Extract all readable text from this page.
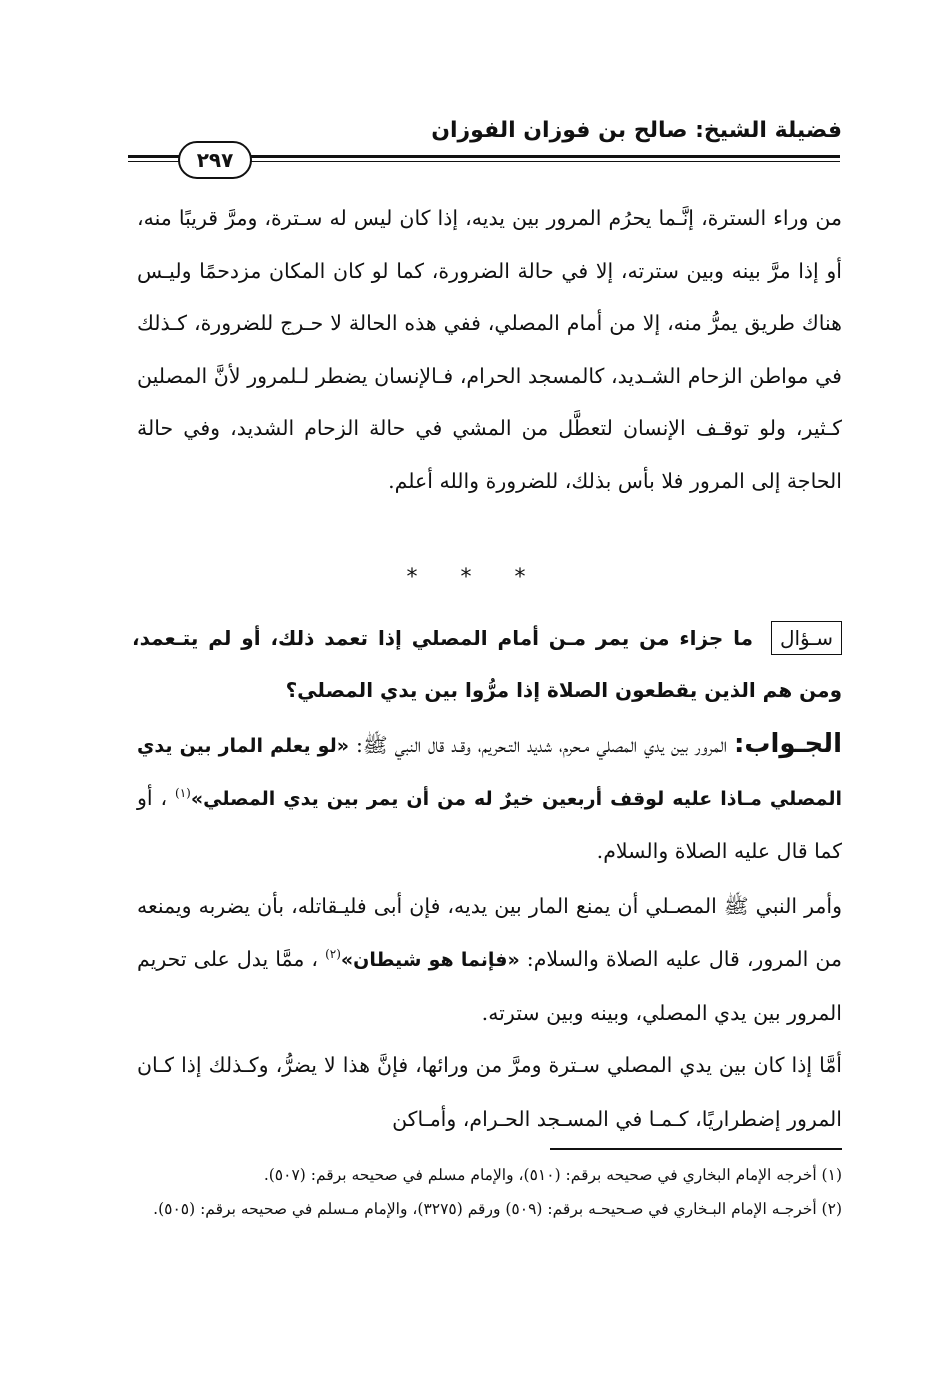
فضيلة الشيخ: صالح بن فوزان الفوزان
٢٩٧
من وراء السترة، إنَّـما يحرُم المرور بين يديه، إذا كان ليس له سـترة، ومرَّ قريبًا منه، أو إذا مرَّ بينه وبين سترته، إلا في حالة الضرورة، كما لو كان المكان مزدحمًا وليـس هناك طريق يمرُّ منه، إلا من أمام المصلي، ففي هذه الحالة لا حـرج للضرورة، كـذلك في مواطن الزحام الشـديد، كالمسجد الحرام، فـالإنسان يضطر لـلمرور لأنَّ المصلين كـثير، ولو توقـف الإنسان لتعطَّل من المشي في حالة الزحام الشديد، وفي حالة الحاجة إلى المرور فلا بأس بذلك، للضرورة والله أعلم.
* * *
سـؤال ما جزاء من يمر مـن أمام المصلي إذا تعمد ذلك، أو لم يتـعمد، ومن هم الذين يقطعون الصلاة إذا مرُّوا بين يدي المصلي؟
الجـواب: المرور بين يدي المصلي مـحرم، شديد التـحريم، وقـد قال النبي ﷺ: «لو يعلم المار بين يدي المصلي مـاذا عليه لوقف أربعين خيرٌ له من أن يمر بين يدي المصلي»$^{(١)}$ ، أو كما قال عليه الصلاة والسلام.
وأمر النبي ﷺ المصـلي أن يمنع المار بين يديه، فإن أبى فليـقاتله، بأن يضربه ويمنعه من المرور، قال عليه الصلاة والسلام: «فإنما هو شيطان»$^{(٢)}$ ، ممَّا يدل على تحريم المرور بين يدي المصلي، وبينه وبين سترته.
أمَّا إذا كان بين يدي المصلي سـترة ومرَّ من ورائها، فإنَّ هذا لا يضرُّ، وكـذلك إذا كـان المرور إضطراريًا، كـمـا في المسـجد الحـرام، وأمـاكن

(١) أخرجه الإمام البخاري في صحيحه برقم: (٥١٠)، والإمام مسلم في صحيحه برقم: (٥٠٧).

(٢) أخرجـه الإمام البـخاري في صـحيحـه برقم: (٥٠٩) ورقم (٣٢٧٥)، والإمام مـسلم في صحيحه برقم: (٥٠٥).
